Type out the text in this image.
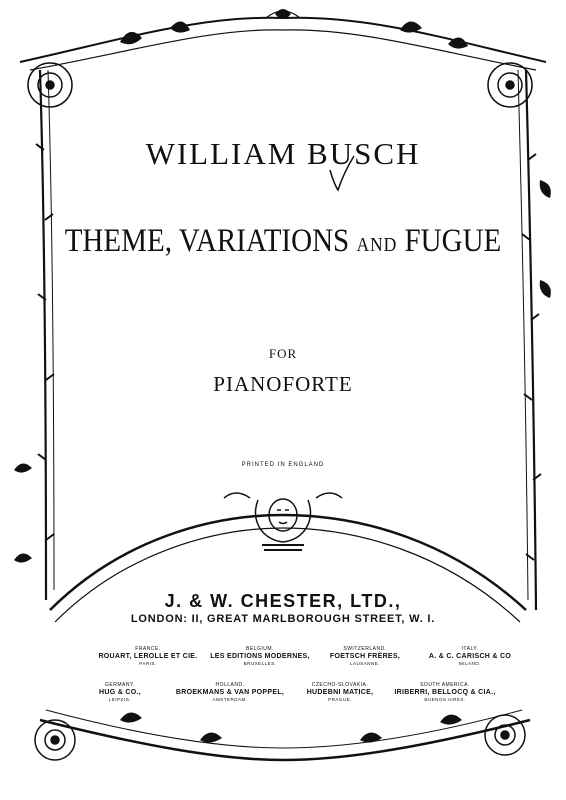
WILLIAM BUSCH
THEME, VARIATIONS AND FUGUE
FOR
PIANOFORTE
PRINTED IN ENGLAND
J. & W. CHESTER, LTD.,
LONDON: II, GREAT MARLBOROUGH STREET, W. I.
FRANCE.
ROUART, LEROLLE ET CIE.
PARIS.
BELGIUM.
LES EDITIONS MODERNES,
BRUXELLES.
SWITZERLAND.
FOETSCH FRÈRES,
LAUSANNE.
ITALY.
A. & C. CARISCH & CO
MILANO.
GERMANY.
HUG & CO.,
LEIPZIG.
HOLLAND.
BROEKMANS & VAN POPPEL,
AMSTERDAM.
CZECHO-SLOVAKIA.
HUDEBNI MATICE,
PRAGUE.
SOUTH AMERICA.
IRIBERRI, BELLOCQ & CIA.,
BUENOS AIRES.
